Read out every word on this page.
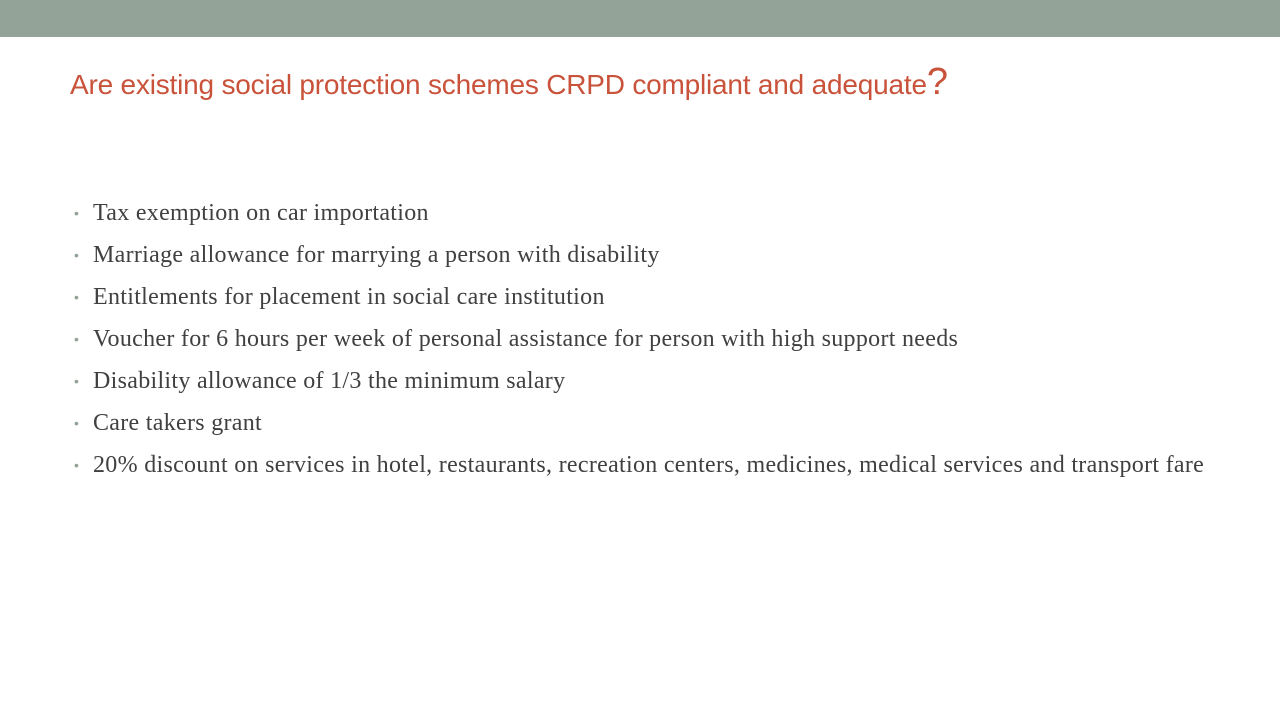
Are existing social protection schemes CRPD compliant and adequate?
• Tax exemption on car importation
• Marriage allowance for marrying a person with disability
• Entitlements for placement in social care institution
• Voucher for 6 hours per week of personal assistance for person with high support needs
• Disability allowance of 1/3 the minimum salary
• Care takers grant
• 20% discount on services in hotel, restaurants, recreation centers, medicines, medical services and transport fare
